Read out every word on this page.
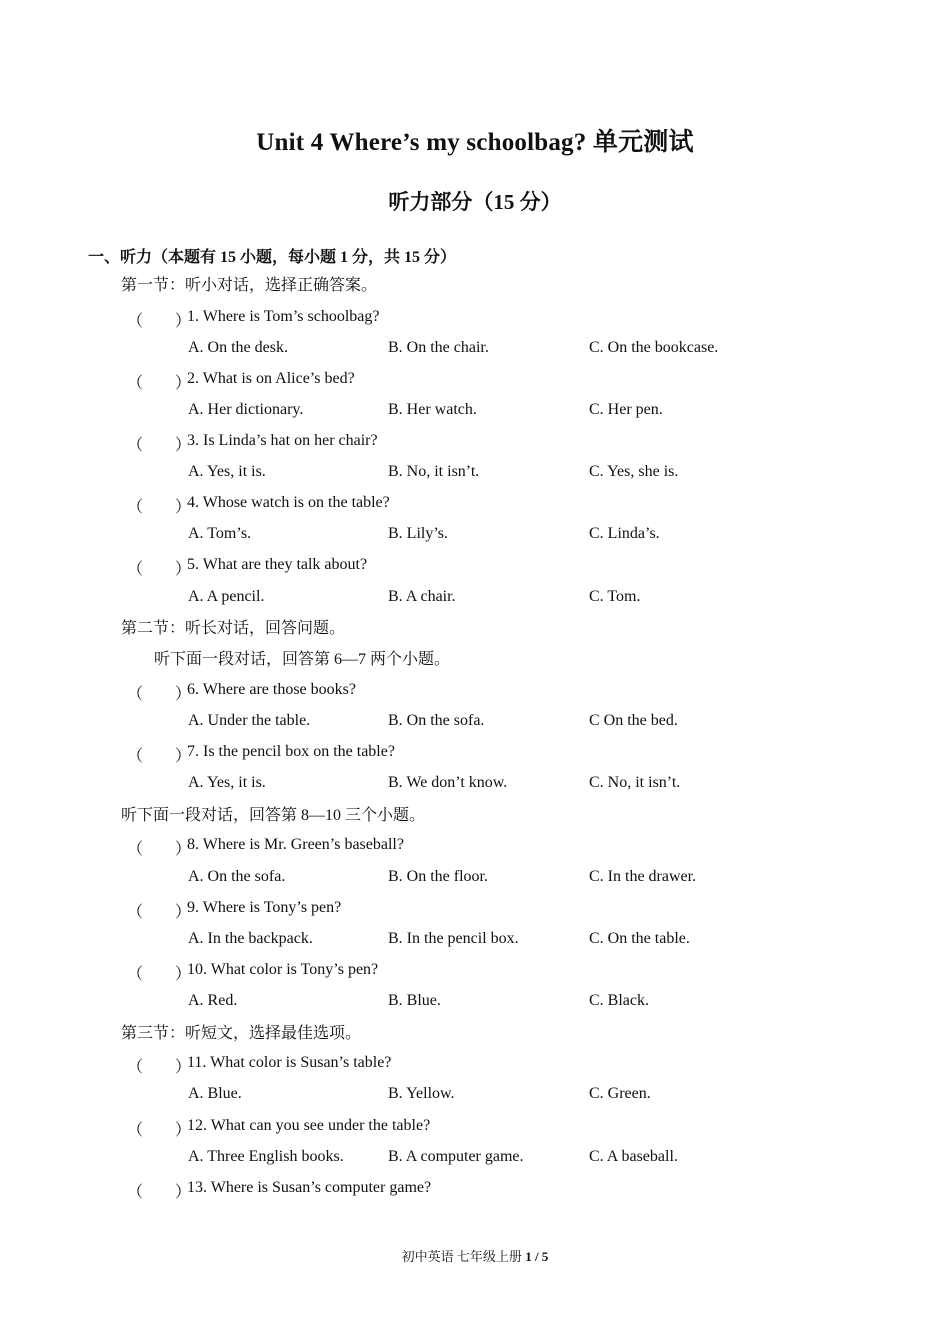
Unit 4 Where’s my schoolbag? 单元测试
听力部分（15 分）
一、听力（本题有 15 小题，每小题 1 分，共 15 分）
第一节：听小对话，选择正确答案。
（　　）
1. Where is Tom’s schoolbag?
A. On the desk.	B. On the chair.	C. On the bookcase.
（　　）
2. What is on Alice’s bed?
A. Her dictionary.	B. Her watch.	C. Her pen.
（　　）
3. Is Linda’s hat on her chair?
A. Yes, it is.	B. No, it isn’t.	C. Yes, she is.
（　　）
4. Whose watch is on the table?
A. Tom’s.	B. Lily’s.	C. Linda’s.
（　　）
5. What are they talk about?
A. A pencil.	B. A chair.	C. Tom.
第二节：听长对话，回答问题。
听下面一段对话，回答第 6—7 两个小题。
（　　）
6. Where are those books?
A. Under the table.	B. On the sofa.	C On the bed.
（　　）
7. Is the pencil box on the table?
A. Yes, it is.	B. We don’t know.	C. No, it isn’t.
听下面一段对话，回答第 8—10 三个小题。
（　　）
8. Where is Mr. Green’s baseball?
A. On the sofa.	B. On the floor.	C. In the drawer.
（　　）
9. Where is Tony’s pen?
A. In the backpack.	B. In the pencil box.	C. On the table.
（　　）
10. What color is Tony’s pen?
A. Red.	B. Blue.	C. Black.
第三节：听短文，选择最佳选项。
（　　）
11. What color is Susan’s table?
A. Blue.	B. Yellow.	C. Green.
（　　）
12. What can you see under the table?
A. Three English books.	B. A computer game.	C. A baseball.
（　　）
13. Where is Susan’s computer game?
初中英语 七年级上册 1 / 5
